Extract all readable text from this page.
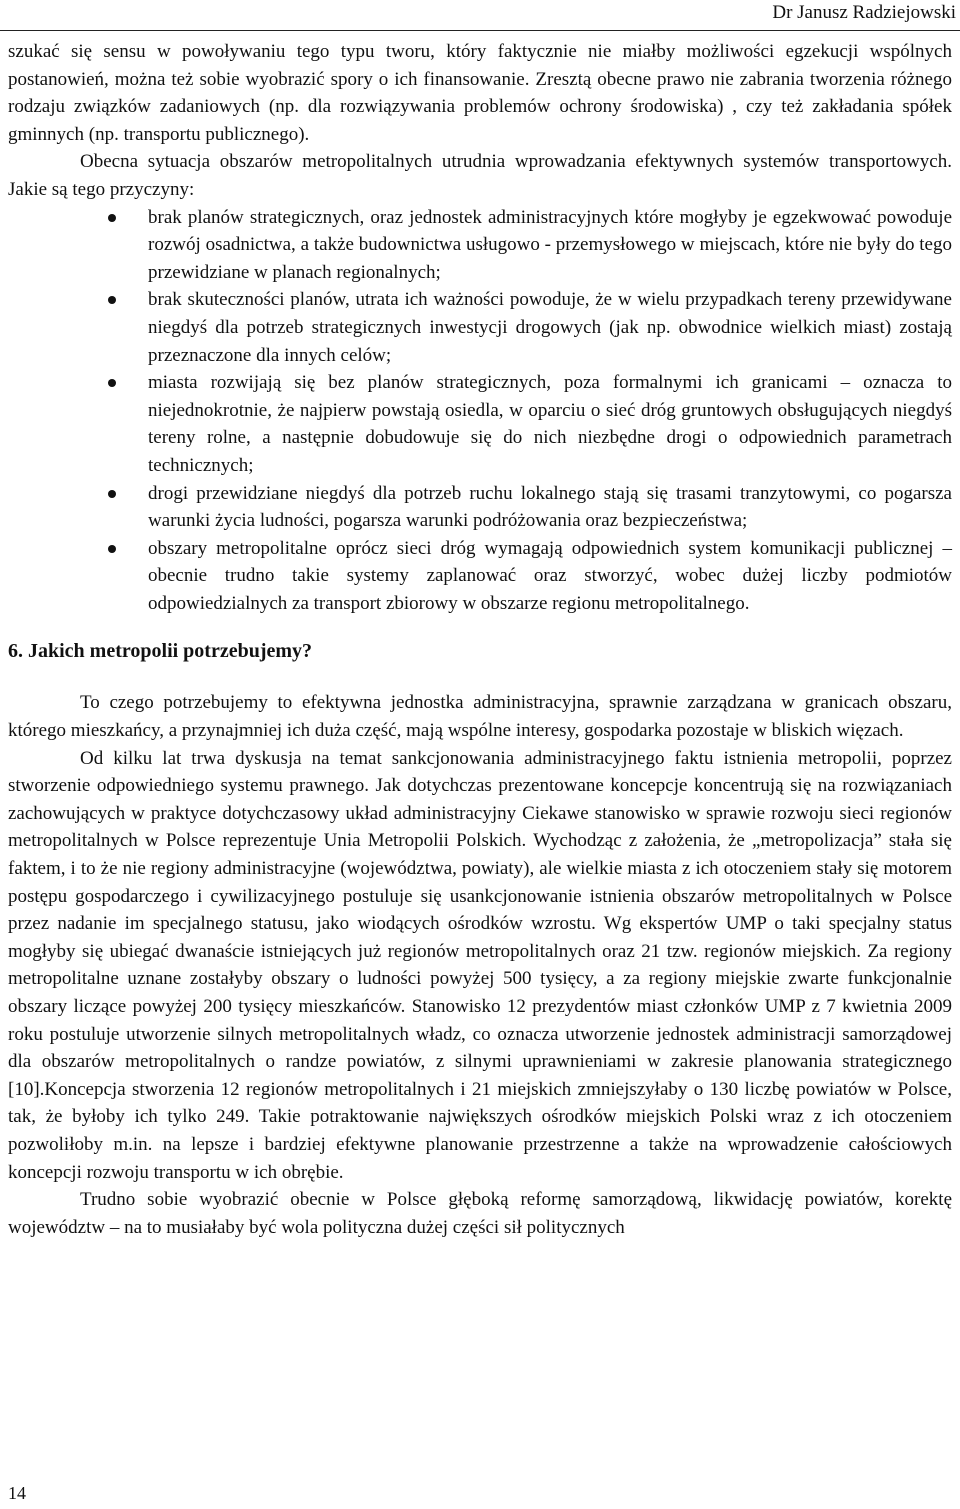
Dr Janusz Radziejowski

szukać się sensu w powoływaniu tego typu tworu, który faktycznie nie miałby możliwości egzekucji wspólnych postanowień, można też sobie wyobrazić spory o ich finansowanie. Zresztą obecne prawo nie zabrania tworzenia różnego rodzaju związków zadaniowych (np. dla rozwiązywania problemów ochrony środowiska) , czy też zakładania spółek gminnych (np. transportu publicznego).

Obecna sytuacja obszarów metropolitalnych utrudnia wprowadzania efektywnych systemów transportowych. Jakie są tego przyczyny:

brak planów strategicznych, oraz jednostek administracyjnych które mogłyby je egzekwować powoduje rozwój osadnictwa, a także budownictwa usługowo - przemysłowego w miejscach, które nie były do tego przewidziane w planach regionalnych;
brak skuteczności planów, utrata ich ważności powoduje, że w wielu przypadkach tereny przewidywane niegdyś dla potrzeb strategicznych inwestycji drogowych (jak np. obwodnice wielkich miast) zostają przeznaczone dla innych celów;
miasta rozwijają się bez planów strategicznych, poza formalnymi ich granicami – oznacza to niejednokrotnie, że najpierw powstają osiedla, w oparciu o sieć dróg gruntowych obsługujących niegdyś tereny rolne, a następnie dobudowuje się do nich niezbędne drogi o odpowiednich parametrach technicznych;
drogi przewidziane niegdyś dla potrzeb ruchu lokalnego stają się trasami tranzytowymi, co pogarsza warunki życia ludności, pogarsza warunki podróżowania oraz bezpieczeństwa;
obszary metropolitalne oprócz sieci dróg wymagają odpowiednich system komunikacji publicznej – obecnie trudno takie systemy zaplanować oraz stworzyć, wobec dużej liczby podmiotów odpowiedzialnych za transport zbiorowy w obszarze regionu metropolitalnego.
6. Jakich metropolii potrzebujemy?

To czego potrzebujemy to efektywna jednostka administracyjna, sprawnie zarządzana w granicach obszaru, którego mieszkańcy, a przynajmniej ich duża część, mają wspólne interesy, gospodarka pozostaje w bliskich więzach.

Od kilku lat trwa dyskusja na temat sankcjonowania administracyjnego faktu istnienia metropolii, poprzez stworzenie odpowiedniego systemu prawnego. Jak dotychczas prezentowane koncepcje koncentrują się na rozwiązaniach zachowujących w praktyce dotychczasowy układ administracyjny Ciekawe stanowisko w sprawie rozwoju sieci regionów metropolitalnych w Polsce reprezentuje Unia Metropolii Polskich. Wychodząc z założenia, że „metropolizacja” stała się faktem, i to że nie regiony administracyjne (województwa, powiaty), ale wielkie miasta z ich otoczeniem stały się motorem postępu gospodarczego i cywilizacyjnego postuluje się usankcjonowanie istnienia obszarów metropolitalnych w Polsce przez nadanie im specjalnego statusu, jako wiodących ośrodków wzrostu. Wg ekspertów UMP o taki specjalny status mogłyby się ubiegać dwanaście istniejących już regionów metropolitalnych oraz 21 tzw. regionów miejskich. Za regiony metropolitalne uznane zostałyby obszary o ludności powyżej 500 tysięcy, a za regiony miejskie zwarte funkcjonalnie obszary liczące powyżej 200 tysięcy mieszkańców. Stanowisko 12 prezydentów miast członków UMP z 7 kwietnia 2009 roku postuluje utworzenie silnych metropolitalnych władz, co oznacza utworzenie jednostek administracji samorządowej dla obszarów metropolitalnych o randze powiatów, z silnymi uprawnieniami w zakresie planowania strategicznego [10].Koncepcja stworzenia 12 regionów metropolitalnych i 21 miejskich zmniejszyłaby o 130 liczbę powiatów w Polsce, tak, że byłoby ich tylko 249. Takie potraktowanie największych ośrodków miejskich Polski wraz z ich otoczeniem pozwoliłoby m.in. na lepsze i bardziej efektywne planowanie przestrzenne a także na wprowadzenie całościowych koncepcji rozwoju transportu w ich obrębie.

Trudno sobie wyobrazić obecnie w Polsce głęboką reformę samorządową, likwidację powiatów, korektę województw – na to musiałaby być wola polityczna dużej części sił politycznych

14
